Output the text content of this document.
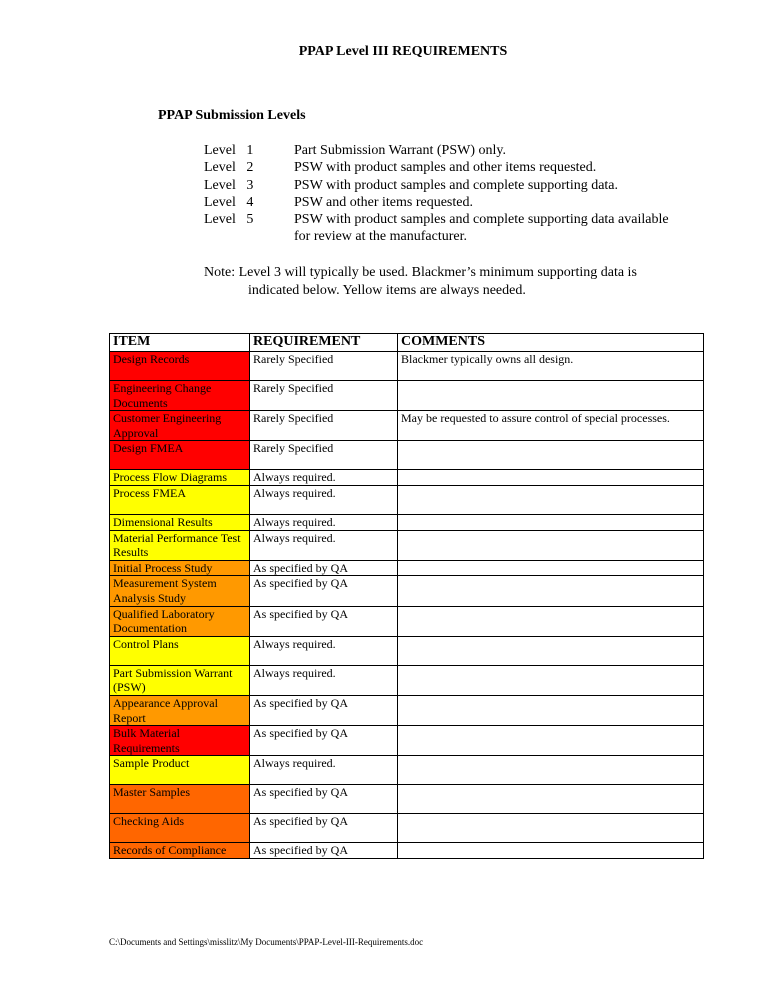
PPAP Level III REQUIREMENTS
PPAP Submission Levels
Level   1	Part Submission Warrant (PSW) only.
Level   2	PSW with product samples and other items requested.
Level   3	PSW with product samples and complete supporting data.
Level   4	PSW and other items requested.
Level   5	PSW with product samples and complete supporting data available for review at the manufacturer.
Note: Level 3 will typically be used. Blackmer’s minimum supporting data is
indicated below. Yellow items are always needed.
ITEM	REQUIREMENT	COMMENTS
Design Records	Rarely Specified	Blackmer typically owns all design.
Engineering Change Documents	Rarely Specified	
Customer Engineering Approval	Rarely Specified	May be requested to assure control of special processes.
Design FMEA	Rarely Specified	
Process Flow Diagrams	Always required.	
Process FMEA	Always required.	
Dimensional Results	Always required.	
Material Performance Test Results	Always required.	
Initial Process Study	As specified by QA	
Measurement System Analysis Study	As specified by QA	
Qualified Laboratory Documentation	As specified by QA	
Control Plans	Always required.	
Part Submission Warrant (PSW)	Always required.	
Appearance Approval Report	As specified by QA	
Bulk Material Requirements	As specified by QA	
Sample Product	Always required.	
Master Samples	As specified by QA	
Checking Aids	As specified by QA	
Records of Compliance	As specified by QA	
C:\Documents and Settings\misslitz\My Documents\PPAP-Level-III-Requirements.doc
